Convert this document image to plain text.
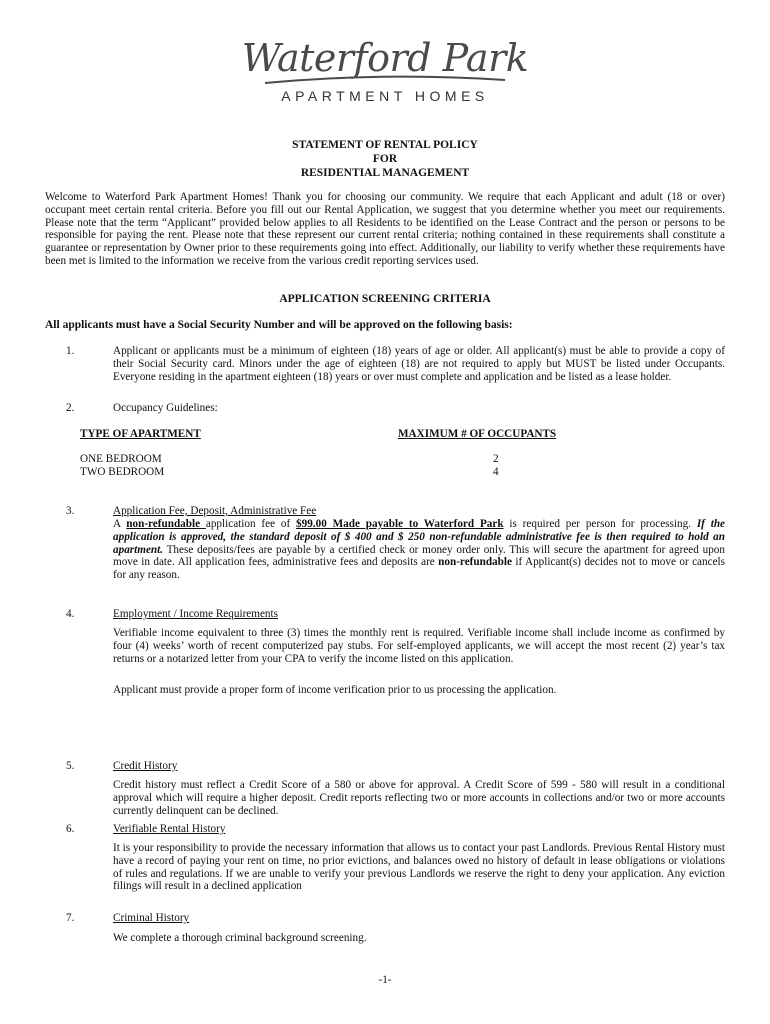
Waterford Park
APARTMENT HOMES
STATEMENT OF RENTAL POLICY
FOR
RESIDENTIAL MANAGEMENT
Welcome to Waterford Park Apartment Homes! Thank you for choosing our community. We require that each Applicant and adult (18 or over) occupant meet certain rental criteria. Before you fill out our Rental Application, we suggest that you determine whether you meet our requirements. Please note that the term “Applicant” provided below applies to all Residents to be identified on the Lease Contract and the person or persons to be responsible for paying the rent. Please note that these represent our current rental criteria; nothing contained in these requirements shall constitute a guarantee or representation by Owner prior to these requirements going into effect. Additionally, our liability to verify whether these requirements have been met is limited to the information we receive from the various credit reporting services used.
APPLICATION SCREENING CRITERIA
All applicants must have a Social Security Number and will be approved on the following basis:
1.	Applicant or applicants must be a minimum of eighteen (18) years of age or older. All applicant(s) must be able to provide a copy of their Social Security card. Minors under the age of eighteen (18) are not required to apply but MUST be listed under Occupants. Everyone residing in the apartment eighteen (18) years or over must complete and application and be listed as a lease holder.
2.	Occupancy Guidelines:
TYPE OF APARTMENT	MAXIMUM # OF OCCUPANTS
ONE BEDROOM	2
TWO BEDROOM	4
3.	Application Fee, Deposit, Administrative Fee
A non-refundable application fee of $99.00 Made payable to Waterford Park is required per person for processing. If the application is approved, the standard deposit of $ 400 and $ 250 non-refundable administrative fee is then required to hold an apartment. These deposits/fees are payable by a certified check or money order only. This will secure the apartment for agreed upon move in date. All application fees, administrative fees and deposits are non-refundable if Applicant(s) decides not to move or cancels for any reason.
4.	Employment / Income Requirements
Verifiable income equivalent to three (3) times the monthly rent is required. Verifiable income shall include income as confirmed by four (4) weeks’ worth of recent computerized pay stubs. For self-employed applicants, we will accept the most recent (2) year’s tax returns or a notarized letter from your CPA to verify the income listed on this application.
Applicant must provide a proper form of income verification prior to us processing the application.
5.	Credit History
Credit history must reflect a Credit Score of a 580 or above for approval. A Credit Score of 599 - 580 will result in a conditional approval which will require a higher deposit. Credit reports reflecting two or more accounts in collections and/or two or more accounts currently delinquent can be declined.
6.	Verifiable Rental History
It is your responsibility to provide the necessary information that allows us to contact your past Landlords. Previous Rental History must have a record of paying your rent on time, no prior evictions, and balances owed no history of default in lease obligations or violations of rules and regulations. If we are unable to verify your previous Landlords we reserve the right to deny your application. Any eviction filings will result in a declined application
7.	Criminal History
We complete a thorough criminal background screening.
-1-
